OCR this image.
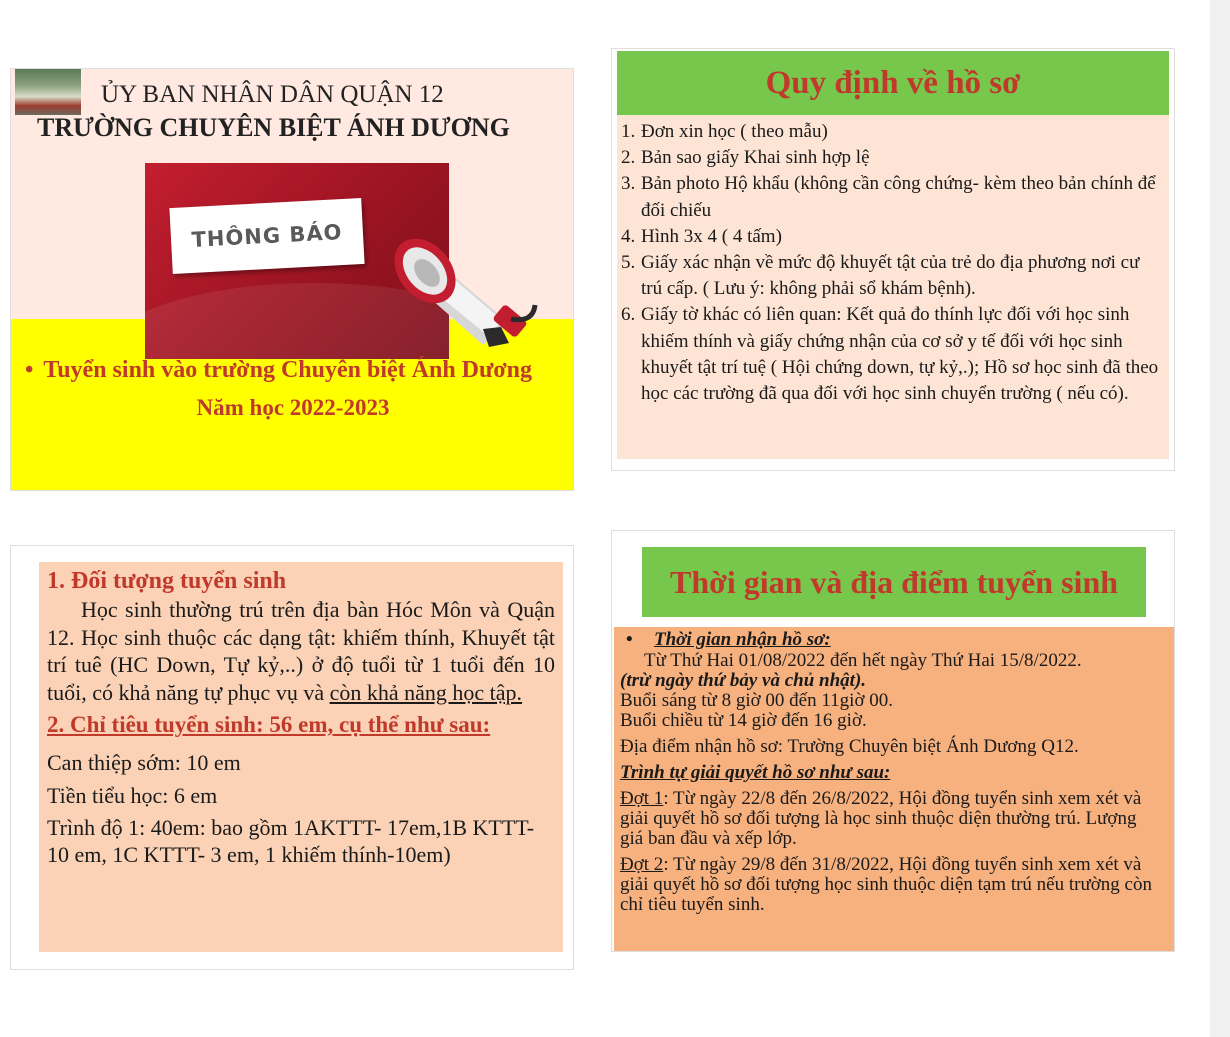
ỦY BAN NHÂN DÂN QUẬN 12
TRƯỜNG CHUYÊN BIỆT ÁNH DƯƠNG
THÔNG BÁO
• Tuyển sinh vào trường Chuyên biệt Ánh Dương
Năm học 2022-2023
Quy định về hồ sơ
1. Đơn xin học ( theo mẫu)
2. Bản sao giấy Khai sinh hợp lệ
3. Bản photo Hộ khẩu (không cần công chứng- kèm theo bản chính để đối chiếu
4. Hình 3x 4 ( 4 tấm)
5. Giấy xác nhận về mức độ khuyết tật của trẻ do địa phương nơi cư trú cấp. ( Lưu ý: không phải sổ khám bệnh).
6. Giấy tờ khác có liên quan: Kết quả đo thính lực đối với học sinh khiếm thính và giấy chứng nhận của cơ sở y tế đối với học sinh khuyết tật trí tuệ ( Hội chứng down, tự kỷ,.); Hồ sơ học sinh đã theo học các trường đã qua đối với học sinh chuyển trường ( nếu có).

1. Đối tượng tuyển sinh

Học sinh thường trú trên địa bàn Hóc Môn và Quận 12. Học sinh thuộc các dạng tật: khiếm thính, Khuyết tật trí tuê (HC Down, Tự kỷ,..) ở độ tuổi từ 1 tuổi đến 10 tuổi, có khả năng tự phục vụ và còn khả năng học tập.

2. Chỉ tiêu tuyển sinh: 56 em, cụ thể như sau:

Can thiệp sớm: 10 em

Tiền tiểu học: 6 em

Trình độ 1: 40em: bao gồm 1AKTTT- 17em,1B KTTT-10 em, 1C KTTT- 3 em, 1 khiếm thính-10em)

Thời gian và địa điểm tuyển sinh

• Thời gian nhận hồ sơ:

Từ Thứ Hai 01/08/2022 đến hết ngày Thứ Hai 15/8/2022.

(trừ ngày thứ bảy và chủ nhật).

Buổi sáng từ 8 giờ 00 đến 11giờ 00.

Buổi chiều từ 14 giờ đến 16 giờ.

Địa điểm nhận hồ sơ: Trường Chuyên biệt Ánh Dương Q12.

Trình tự giải quyết hồ sơ như sau:

Đợt 1: Từ ngày 22/8 đến 26/8/2022, Hội đồng tuyển sinh xem xét và giải quyết hồ sơ đối tượng là học sinh thuộc diện thường trú. Lượng giá ban đầu và xếp lớp.

Đợt 2: Từ ngày 29/8 đến 31/8/2022, Hội đồng tuyển sinh xem xét và giải quyết hồ sơ đối tượng học sinh thuộc diện tạm trú nếu trường còn chỉ tiêu tuyển sinh.
